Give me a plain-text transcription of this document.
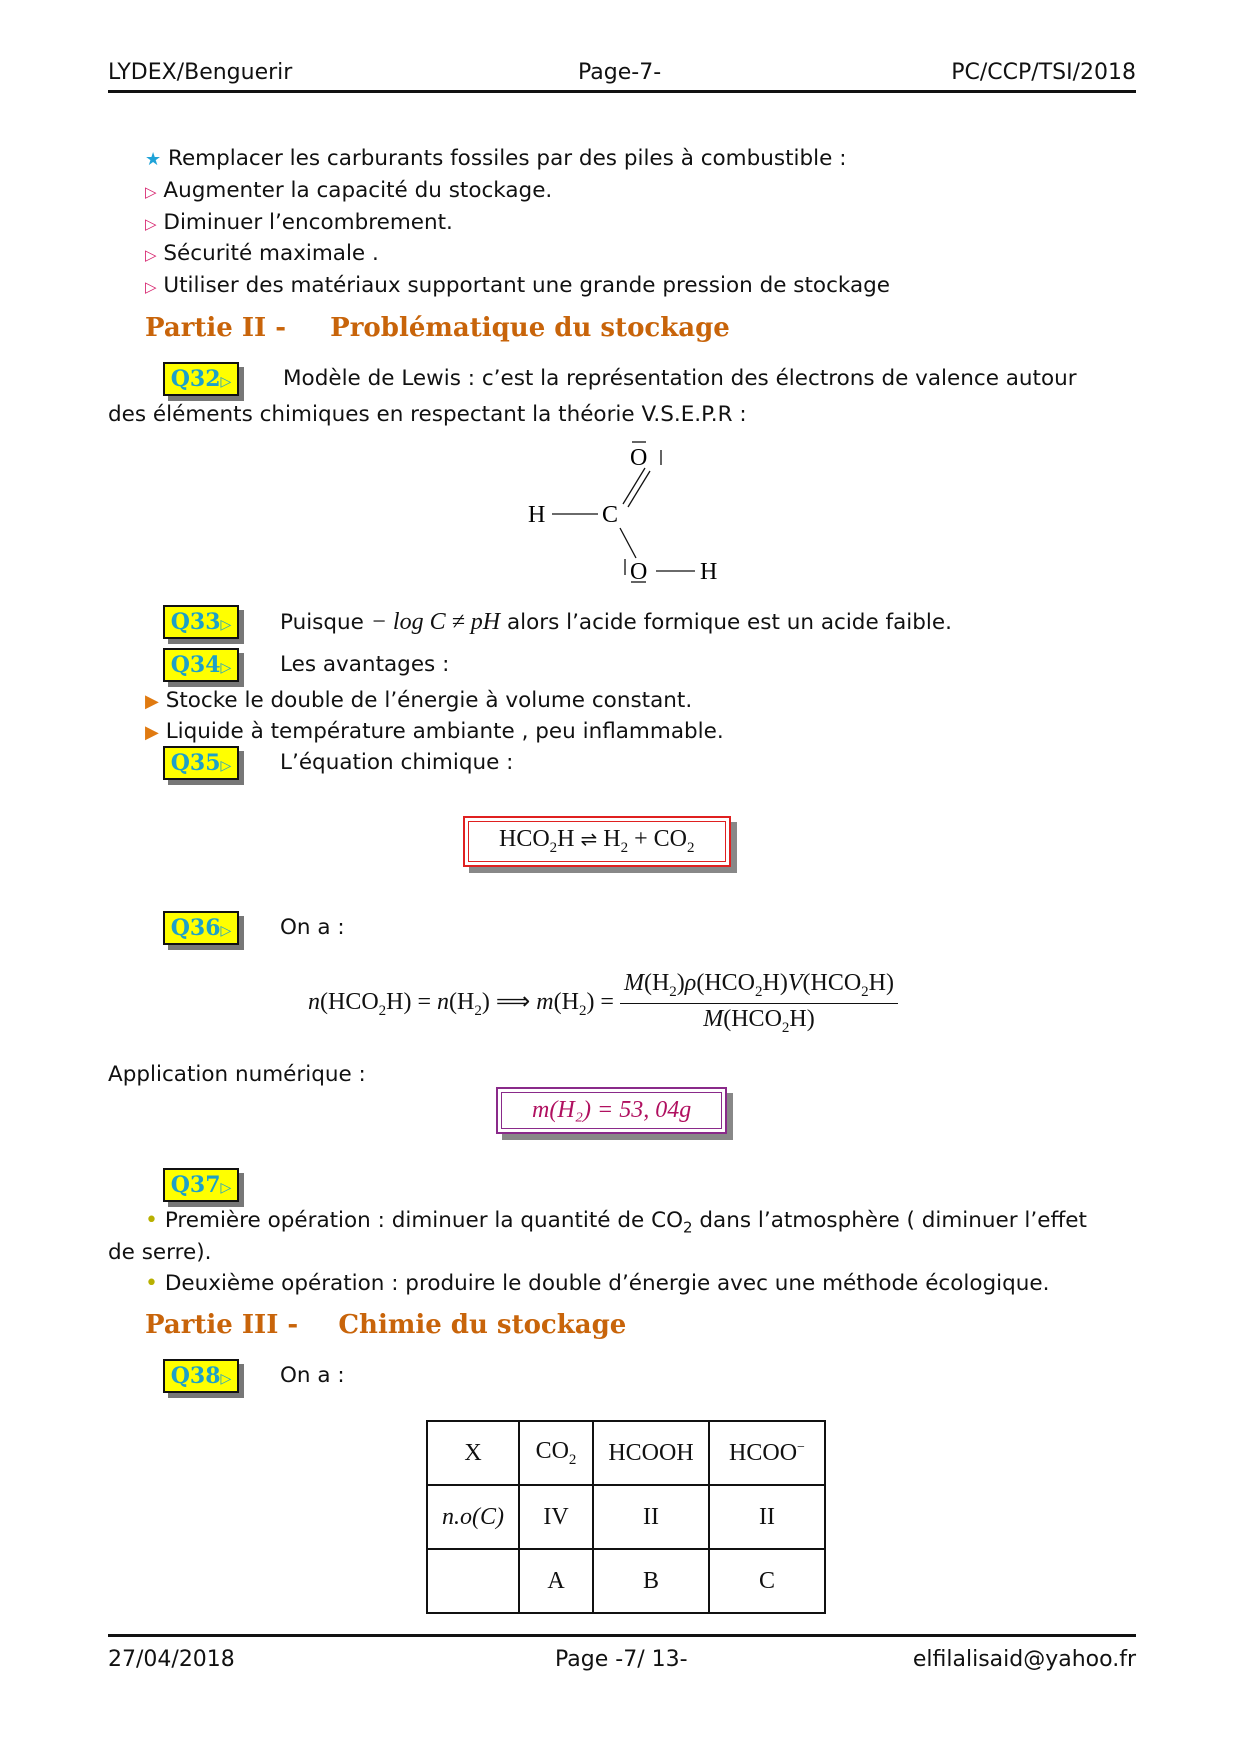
LYDEX/Benguerir	Page-7-	PC/CCP/TSI/2018
★ Remplacer les carburants fossiles par des piles à combustible :
▷ Augmenter la capacité du stockage.
▷ Diminuer l’encombrement.
▷ Sécurité maximale .
▷ Utiliser des matériaux supportant une grande pression de stockage
Partie II - Problématique du stockage
Q32▷	Modèle de Lewis : c’est la représentation des électrons de valence autour
des éléments chimiques en respectant la théorie V.S.E.P.R :
O
H C
O H
Q33▷	Puisque − log C ≠ pH alors l’acide formique est un acide faible.
Q34▷	Les avantages :
▶ Stocke le double de l’énergie à volume constant.
▶ Liquide à température ambiante , peu inflammable.
Q35▷	L’équation chimique :
$HCO_2H$ ⇌ $H_2 + CO_2$
Q36▷	On a :
$n(HCO_2H) = n(H_2)$ ⟹ $m(H_2) = \frac{M(H_2)\rho(HCO_2H)V(HCO_2H)}{M(HCO_2H)}$
Application numérique :
m(H₂) = 53, 04g
Q37▷
• Première opération : diminuer la quantité de $CO_2$ dans l’atmosphère ( diminuer l’effet
de serre).
• Deuxième opération : produire le double d’énergie avec une méthode écologique.
Partie III - Chimie du stockage
Q38▷	On a :
X	$CO_2$	HCOOH	HCOO−
n.o(C)	IV	II	II
	A	B	C
27/04/2018	Page -7/ 13-	elfilalisaid@yahoo.fr
